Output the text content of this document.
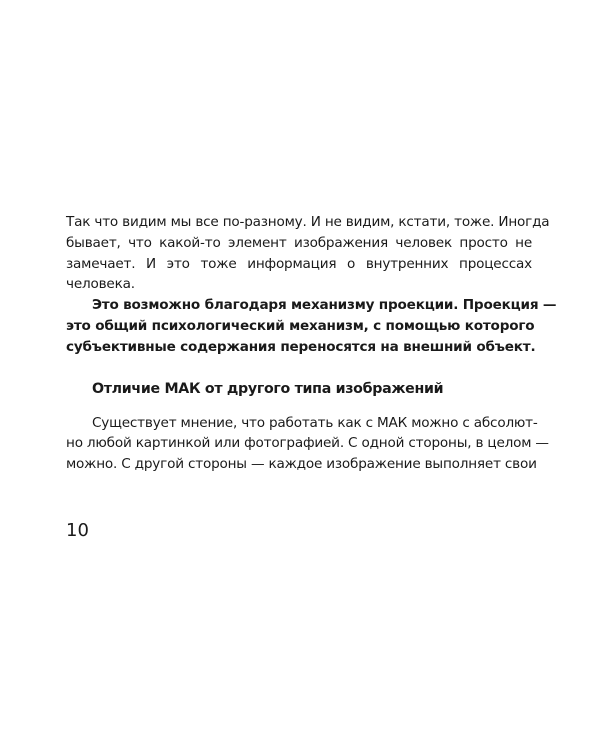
Так что видим мы все по-разному. И не видим, кстати, тоже. Иногда
бывает, что какой-то элемент изображения человек просто не
замечает. И это тоже информация о внутренних процессах
человека.
Это возможно благодаря механизму проекции. Проекция —
это общий психологический механизм, с помощью которого
субъективные содержания переносятся на внешний объект.
Отличие МАК от другого типа изображений
Существует мнение, что работать как с МАК можно с абсолют-
но любой картинкой или фотографией. С одной стороны, в целом —
можно. С другой стороны — каждое изображение выполняет свои
10
